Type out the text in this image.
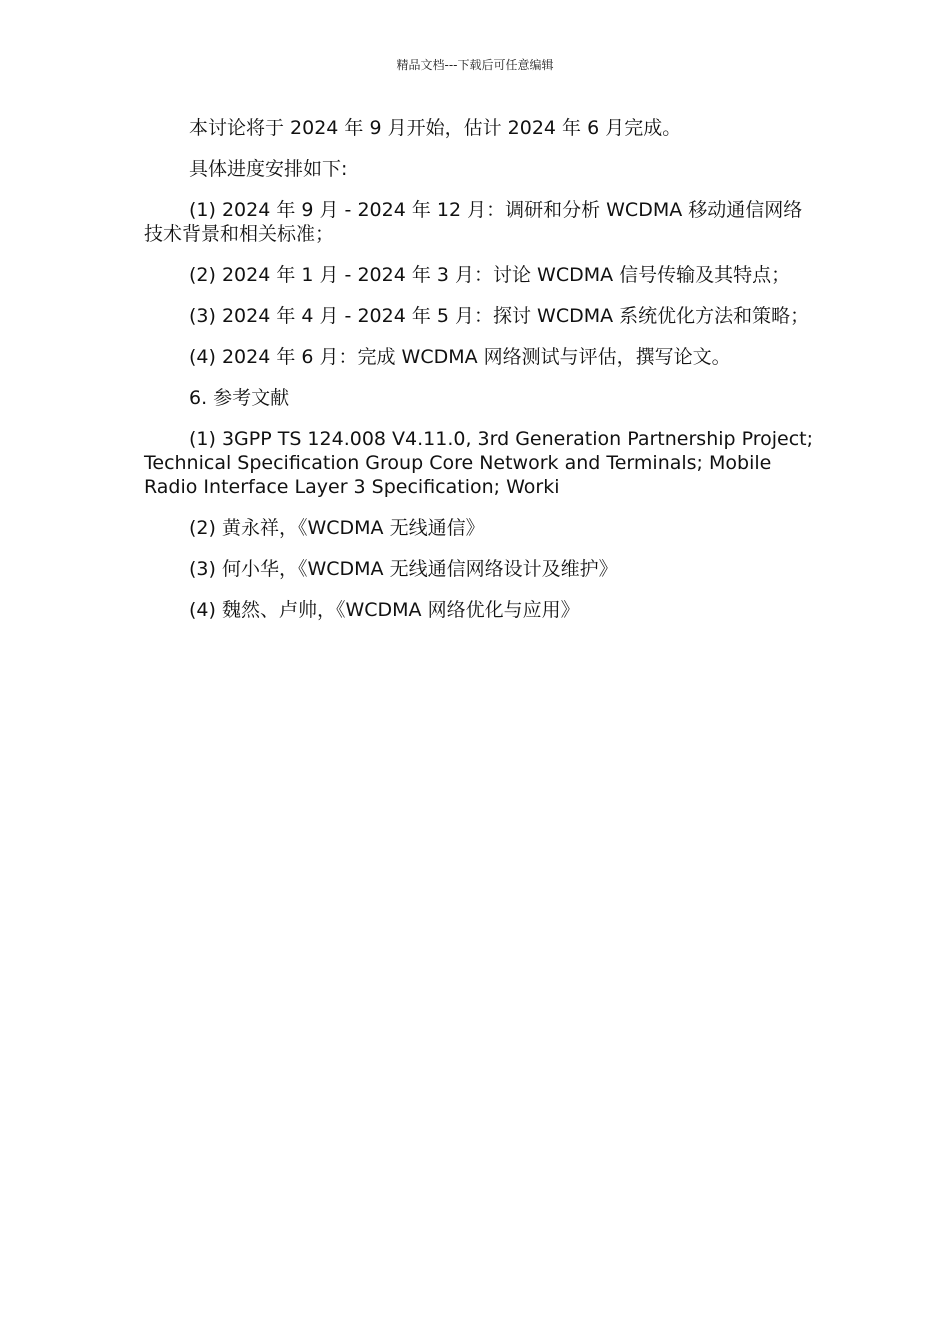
精品文档---下载后可任意编辑

本讨论将于 2024 年 9 月开始，估计 2024 年 6 月完成。

具体进度安排如下:

(1) 2024 年 9 月 - 2024 年 12 月：调研和分析 WCDMA 移动通信网络技术背景和相关标准；

(2) 2024 年 1 月 - 2024 年 3 月：讨论 WCDMA 信号传输及其特点；

(3) 2024 年 4 月 - 2024 年 5 月：探讨 WCDMA 系统优化方法和策略；

(4) 2024 年 6 月：完成 WCDMA 网络测试与评估，撰写论文。

6. 参考文献

(1) 3GPP TS 124.008 V4.11.0, 3rd Generation Partnership Project; Technical Specification Group Core Network and Terminals; Mobile Radio Interface Layer 3 Specification; Worki

(2) 黄永祥，《WCDMA 无线通信》

(3) 何小华，《WCDMA 无线通信网络设计及维护》

(4) 魏然、卢帅，《WCDMA 网络优化与应用》
